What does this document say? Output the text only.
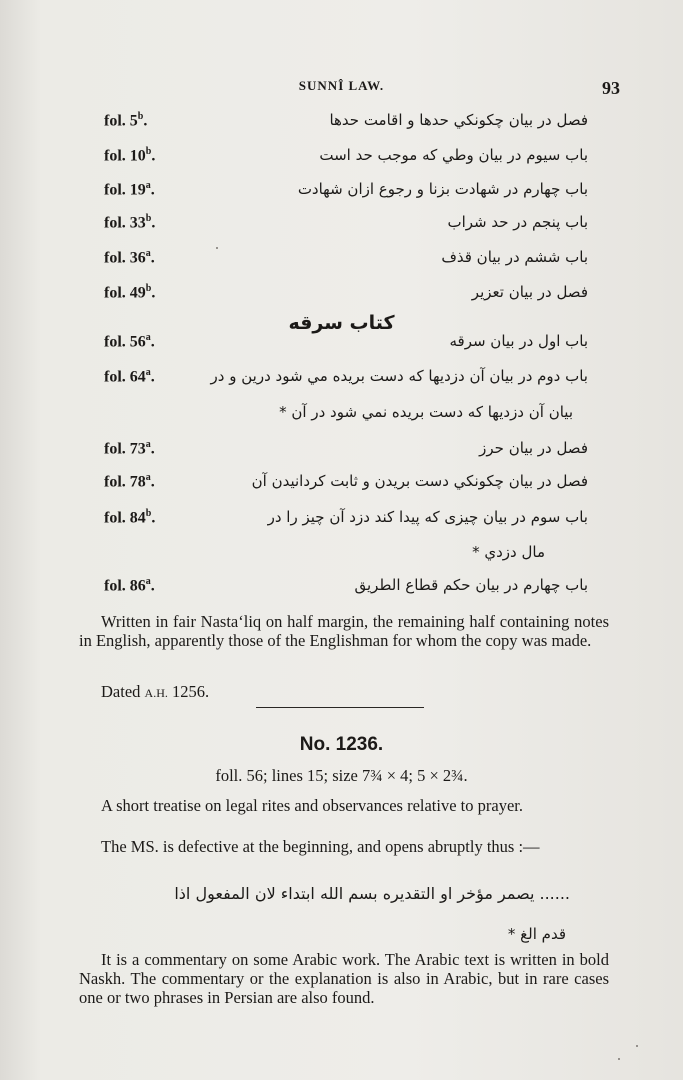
SUNNÎ LAW.	93
fol. 5$^b$.	فصل در بیان چکونکي حدها و اقامت حدها
fol. 10$^b$.	باب سیوم در بیان وطي که موجب حد است
fol. 19$^a$.	باب چهارم در شهادت بزنا و رجوع ازان شهادت
fol. 33$^b$.	باب پنجم در حد شراب
fol. 36$^a$.	باب ششم در بیان قذف
fol. 49$^b$.	فصل در بیان تعزیر
کتاب سرقه
fol. 56$^a$.	باب اول در بیان سرقه
fol. 64$^a$.	باب دوم در بیان آن دزدیها که دست بریده مي شود درین و در
بیان آن دزدیها که دست بریده نمي شود در آن *
fol. 73$^a$.	فصل در بیان حرز
fol. 78$^a$.	فصل در بیان چکونکي دست بریدن و ثابت کردانیدن آن
fol. 84$^b$.	باب سوم در بیان چیزی که پیدا کند دزد آن چیز را در
مال دزدي *
fol. 86$^a$.	باب چهارم در بیان حکم قطاع الطریق
Written in fair Nasta‘liq on half margin, the remaining half containing notes in English, apparently those of the Englishman for whom the copy was made.
Dated A.H. 1256.
No. 1236.
foll. 56; lines 15; size 7¾ × 4; 5 × 2¾.
A short treatise on legal rites and observances relative to prayer.
The MS. is defective at the beginning, and opens abruptly thus :—
...... یصمر مؤخر او التقدیره بسم الله ابتداء لان المفعول اذا
قدم الغ *
It is a commentary on some Arabic work. The Arabic text is written in bold Naskh. The commentary or the explanation is also in Arabic, but in rare cases one or two phrases in Persian are also found.
